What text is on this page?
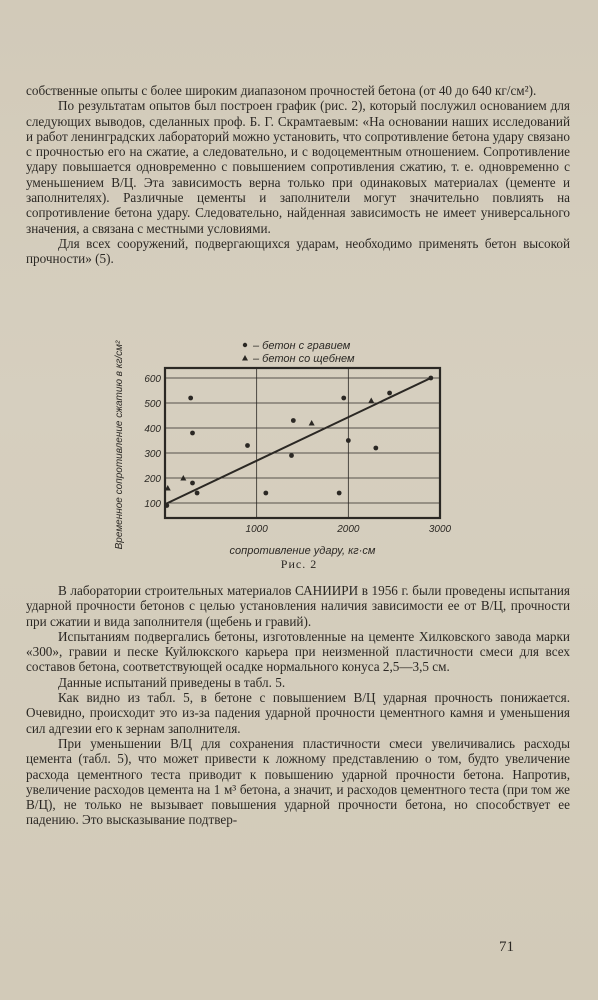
собственные опыты с более широким диапазоном прочностей бетона (от 40 до 640 кг/см²).

По результатам опытов был построен график (рис. 2), который послужил основанием для следующих выводов, сделанных проф. Б. Г. Скрамтаевым: «На основании наших исследований и работ ленинградских лабораторий можно установить, что сопротивление бетона удару связано с прочностью его на сжатие, а следовательно, и с водоцементным отношением. Сопротивление удару повышается одновременно с повышением сопротивления сжатию, т. е. одновременно с уменьшением В/Ц. Эта зависимость верна только при одинаковых материалах (цементе и заполнителях). Различные цементы и заполнители могут значительно повлиять на сопротивление бетона удару. Следовательно, найденная зависимость не имеет универсального значения, а связана с местными условиями.

Для всех сооружений, подвергающихся ударам, необходимо применять бетон высокой прочности» (5).

100
200
300
400
500
600
1000	2000	3000
– бетон с гравием
– бетон со щебнем
сопротивление удару, кг·см
Временное сопротивление сжатию в кг/см²
Рис. 2

В лаборатории строительных материалов САНИИРИ в 1956 г. были проведены испытания ударной прочности бетонов с целью установления наличия зависимости ее от В/Ц, прочности при сжатии и вида заполнителя (щебень и гравий).

Испытаниям подвергались бетоны, изготовленные на цементе Хилковского завода марки «300», гравии и песке Куйлюкского карьера при неизменной пластичности смеси для всех составов бетона, соответствующей осадке нормального конуса 2,5—3,5 см.

Данные испытаний приведены в табл. 5.

Как видно из табл. 5, в бетоне с повышением В/Ц ударная прочность понижается. Очевидно, происходит это из-за падения ударной прочности цементного камня и уменьшения сил адгезии его к зернам заполнителя.

При уменьшении В/Ц для сохранения пластичности смеси увеличивались расходы цемента (табл. 5), что может привести к ложному представлению о том, будто увеличение расхода цементного теста приводит к повышению ударной прочности бетона. Напротив, увеличение расходов цемента на 1 м³ бетона, а значит, и расходов цементного теста (при том же В/Ц), не только не вызывает повышения ударной прочности бетона, но способствует ее падению. Это высказывание подтвер-

71
